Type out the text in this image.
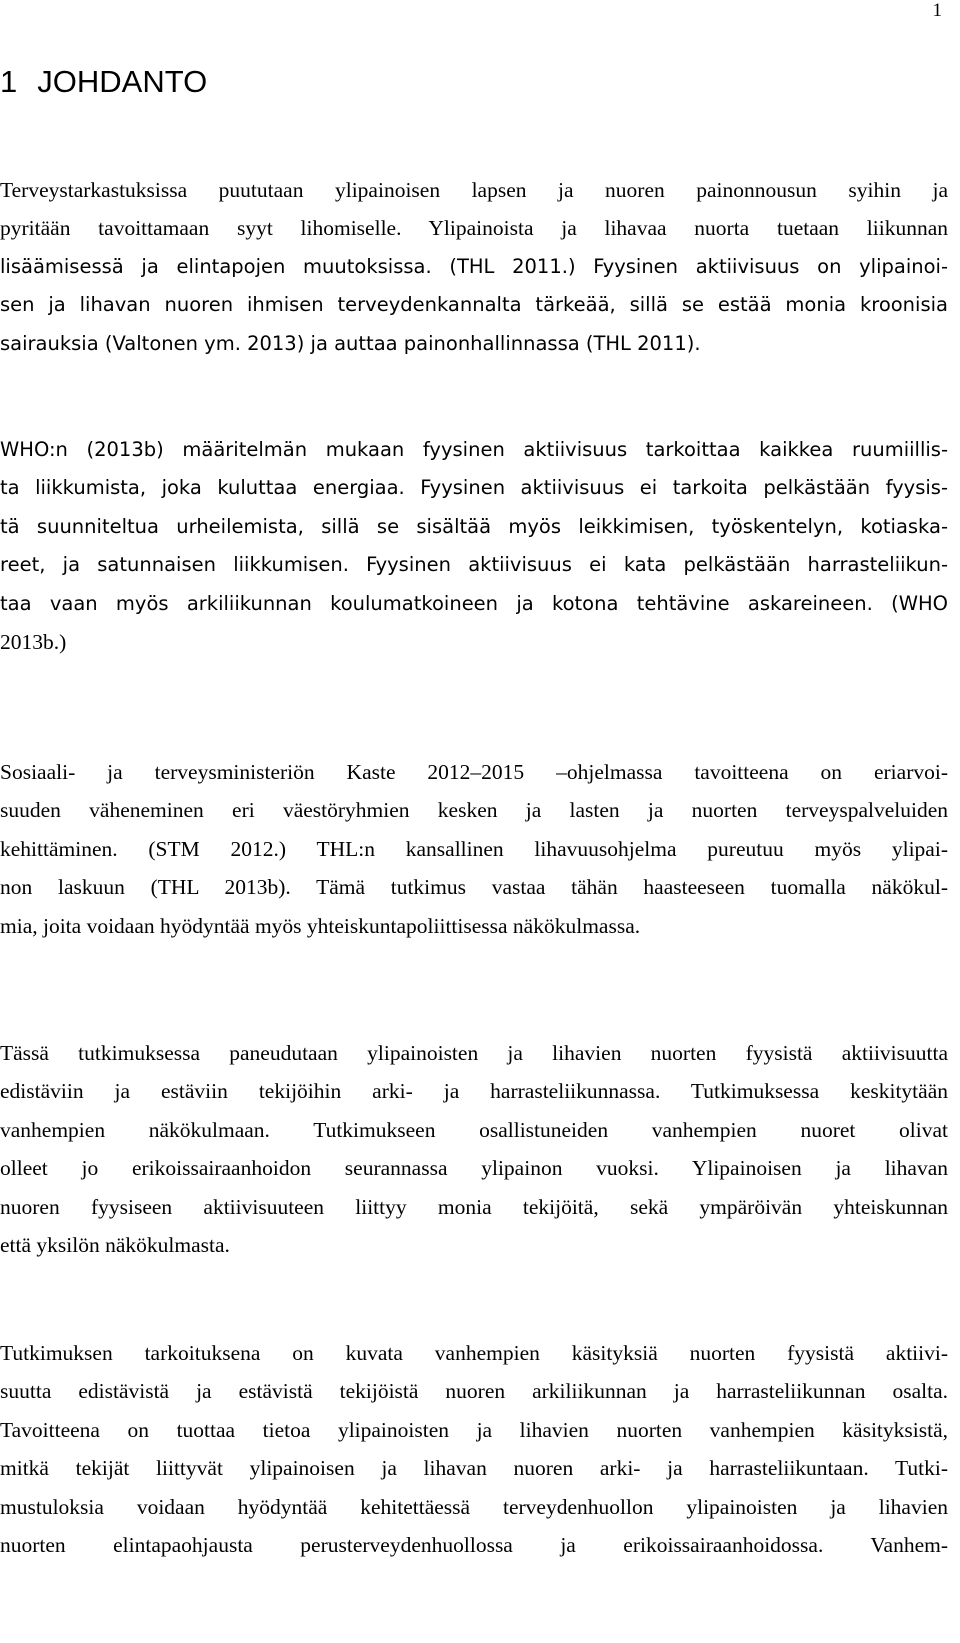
1
1 JOHDANTO
Terveystarkastuksissa puututaan ylipainoisen lapsen ja nuoren painonnousun syihin ja
pyritään tavoittamaan syyt lihomiselle. Ylipainoista ja lihavaa nuorta tuetaan liikunnan
lisäämisessä ja elintapojen muutoksissa. (THL 2011.) Fyysinen aktiivisuus on ylipainoi-
sen ja lihavan nuoren ihmisen terveydenkannalta tärkeää, sillä se estää monia kroonisia
sairauksia (Valtonen ym. 2013) ja auttaa painonhallinnassa (THL 2011).
WHO:n (2013b) määritelmän mukaan fyysinen aktiivisuus tarkoittaa kaikkea ruumiillis-
ta liikkumista, joka kuluttaa energiaa. Fyysinen aktiivisuus ei tarkoita pelkästään fyysis-
tä suunniteltua urheilemista, sillä se sisältää myös leikkimisen, työskentelyn, kotiaska-
reet, ja satunnaisen liikkumisen. Fyysinen aktiivisuus ei kata pelkästään harrasteliikun-
taa vaan myös arkiliikunnan koulumatkoineen ja kotona tehtävine askareineen. (WHO
2013b.)
Sosiaali- ja terveysministeriön Kaste 2012–2015 –ohjelmassa tavoitteena on eriarvoi-
suuden väheneminen eri väestöryhmien kesken ja lasten ja nuorten terveyspalveluiden
kehittäminen. (STM 2012.) THL:n kansallinen lihavuusohjelma pureutuu myös ylipai-
non laskuun (THL 2013b). Tämä tutkimus vastaa tähän haasteeseen tuomalla näkökul-
mia, joita voidaan hyödyntää myös yhteiskuntapoliittisessa näkökulmassa.
Tässä tutkimuksessa paneudutaan ylipainoisten ja lihavien nuorten fyysistä aktiivisuutta
edistäviin ja estäviin tekijöihin arki- ja harrasteliikunnassa. Tutkimuksessa keskitytään
vanhempien näkökulmaan. Tutkimukseen osallistuneiden vanhempien nuoret olivat
olleet jo erikoissairaanhoidon seurannassa ylipainon vuoksi. Ylipainoisen ja lihavan
nuoren fyysiseen aktiivisuuteen liittyy monia tekijöitä, sekä ympäröivän yhteiskunnan
että yksilön näkökulmasta.
Tutkimuksen tarkoituksena on kuvata vanhempien käsityksiä nuorten fyysistä aktiivi-
suutta edistävistä ja estävistä tekijöistä nuoren arkiliikunnan ja harrasteliikunnan osalta.
Tavoitteena on tuottaa tietoa ylipainoisten ja lihavien nuorten vanhempien käsityksistä,
mitkä tekijät liittyvät ylipainoisen ja lihavan nuoren arki- ja harrasteliikuntaan. Tutki-
mustuloksia voidaan hyödyntää kehitettäessä terveydenhuollon ylipainoisten ja lihavien
nuorten elintapaohjausta perusterveydenhuollossa ja erikoissairaanhoidossa. Vanhem-
